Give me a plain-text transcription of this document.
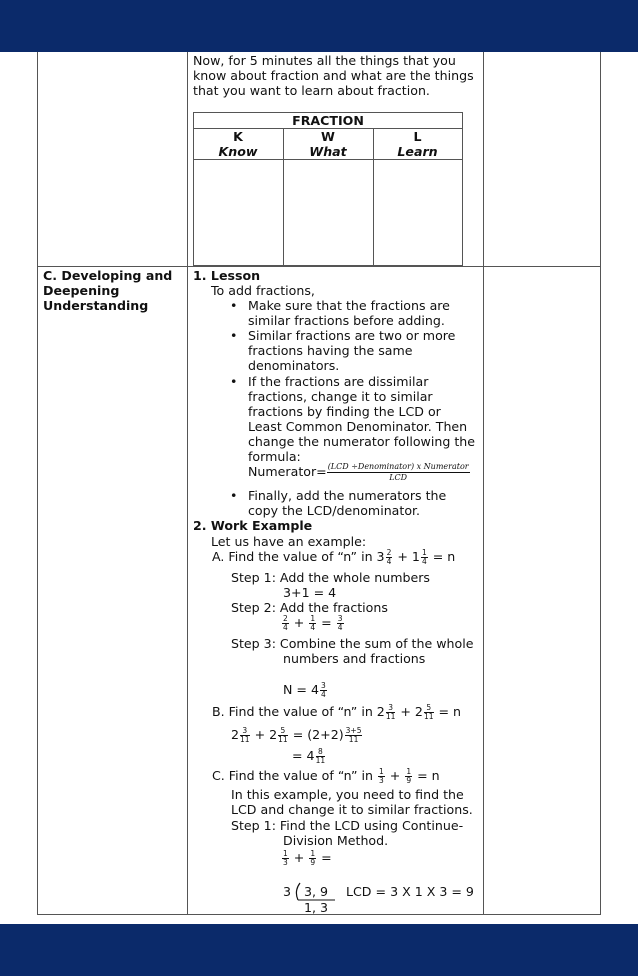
Now, for 5 minutes all the things that you
know about fraction and what are the things
that you want to learn about fraction.
FRACTION
K
Know
W
What
L
Learn
C. Developing and
Deepening
Understanding
1. Lesson
To add fractions,
• Make sure that the fractions are
similar fractions before adding.
• Similar fractions are two or more
fractions having the same
denominators.
• If the fractions are dissimilar
fractions, change it to similar
fractions by finding the LCD or
Least Common Denominator. Then
change the numerator following the
formula:
Numerator= $\frac{\text{(LCD ÷Denominator) x Numerator}}{\text{LCD}}$
• Finally, add the numerators the
copy the LCD/denominator.
2. Work Example
Let us have an example:
A. Find the value of “n” in $3 \frac{2}{4} + 1 \frac{1}{4} = n$
Step 1: Add the whole numbers
3+1 = 4
Step 2: Add the fractions
$\frac{2}{4} + \frac{1}{4} = \frac{3}{4}$
Step 3: Combine the sum of the whole
numbers and fractions
$N = 4 \frac{3}{4}$
B. Find the value of “n” in $2 \frac{3}{11} + 2 \frac{5}{11} = n$
$2 \frac{3}{11} + 2 \frac{5}{11} = (2+2) \frac{3+5}{11}$
= $4 \frac{8}{11}$
C. Find the value of “n” in $\frac{1}{3} + \frac{1}{9} = n$
In this example, you need to find the
LCD and change it to similar fractions.
Step 1: Find the LCD using Continue-
Division Method.
$\frac{1}{3} + \frac{1}{9}$ =
3 3, 9
1, 3
LCD = 3 X 1 X 3 = 9
